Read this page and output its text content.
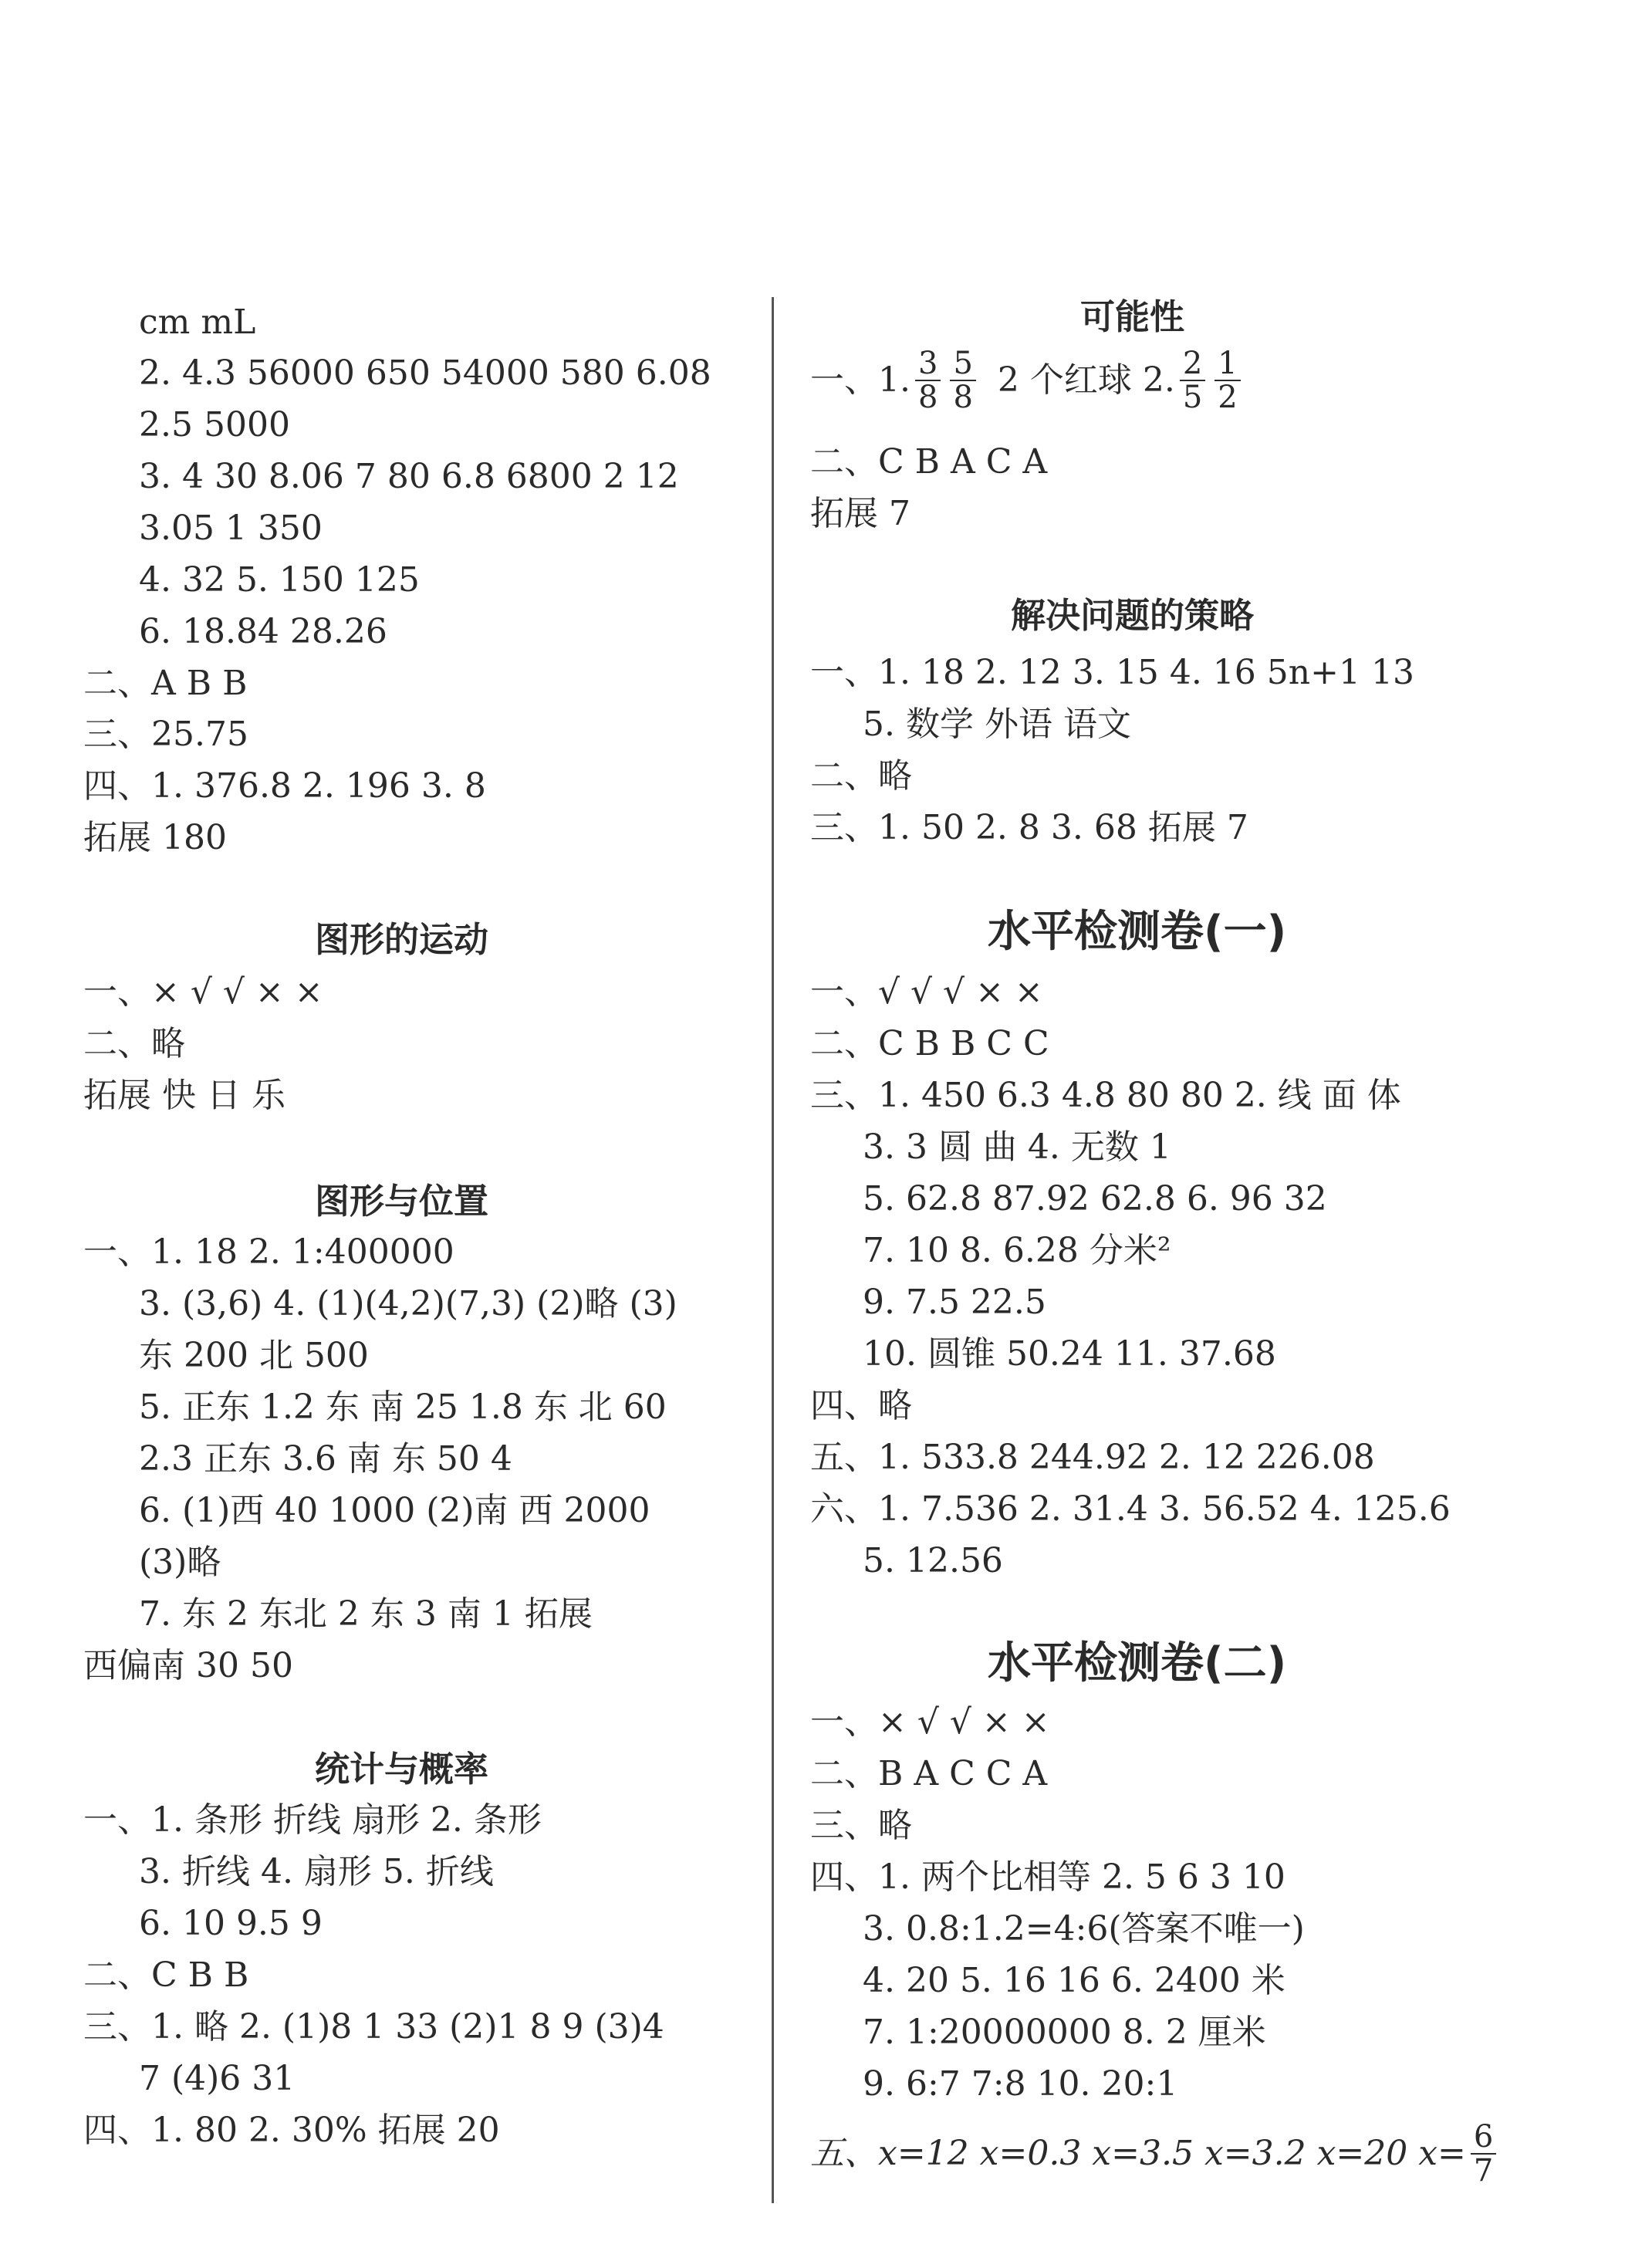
cm mL
2. 4.3 56000 650 54000 580 6.08
2.5 5000
3. 4 30 8.06 7 80 6.8 6800 2 12
3.05 1 350
4. 32 5. 150 125
6. 18.84 28.26
二、A B B
三、25.75
四、1. 376.8 2. 196 3. 8
拓展 180
图形的运动
一、× √ √ × ×
二、略
拓展 快 日 乐
图形与位置
一、1. 18 2. 1:400000
3. (3,6) 4. (1)(4,2)(7,3) (2)略 (3)
东 200 北 500
5. 正东 1.2 东 南 25 1.8 东 北 60
2.3 正东 3.6 南 东 50 4
6. (1)西 40 1000 (2)南 西 2000
(3)略
7. 东 2 东北 2 东 3 南 1 拓展
西偏南 30 50
统计与概率
一、1. 条形 折线 扇形 2. 条形
3. 折线 4. 扇形 5. 折线
6. 10 9.5 9
二、C B B
三、1. 略 2. (1)8 1 33 (2)1 8 9 (3)4
7 (4)6 31
四、1. 80 2. 30% 拓展 20
可能性
一、1. $\frac{3}{8} \frac{5}{8} 2$ 个红球 2. $\frac{2}{5} \frac{1}{2}$
二、C B A C A
拓展 7
解决问题的策略
一、1. 18 2. 12 3. 15 4. 16 5n+1 13
5. 数学 外语 语文
二、略
三、1. 50 2. 8 3. 68 拓展 7
水平检测卷(一)
一、√ √ √ × ×
二、C B B C C
三、1. 450 6.3 4.8 80 80 2. 线 面 体
3. 3 圆 曲 4. 无数 1
5. 62.8 87.92 62.8 6. 96 32
7. 10 8. 6.28 分米²
9. 7.5 22.5
10. 圆锥 50.24 11. 37.68
四、略
五、1. 533.8 244.92 2. 12 226.08
六、1. 7.536 2. 31.4 3. 56.52 4. 125.6
5. 12.56
水平检测卷(二)
一、× √ √ × ×
二、B A C C A
三、略
四、1. 两个比相等 2. 5 6 3 10
3. 0.8:1.2=4:6(答案不唯一)
4. 20 5. 16 16 6. 2400 米
7. 1:20000000 8. 2 厘米
9. 6:7 7:8 10. 20:1
五、x=12 x=0.3 x=3.5 x=3.2 x=20 $x= \frac{6}{7}$
